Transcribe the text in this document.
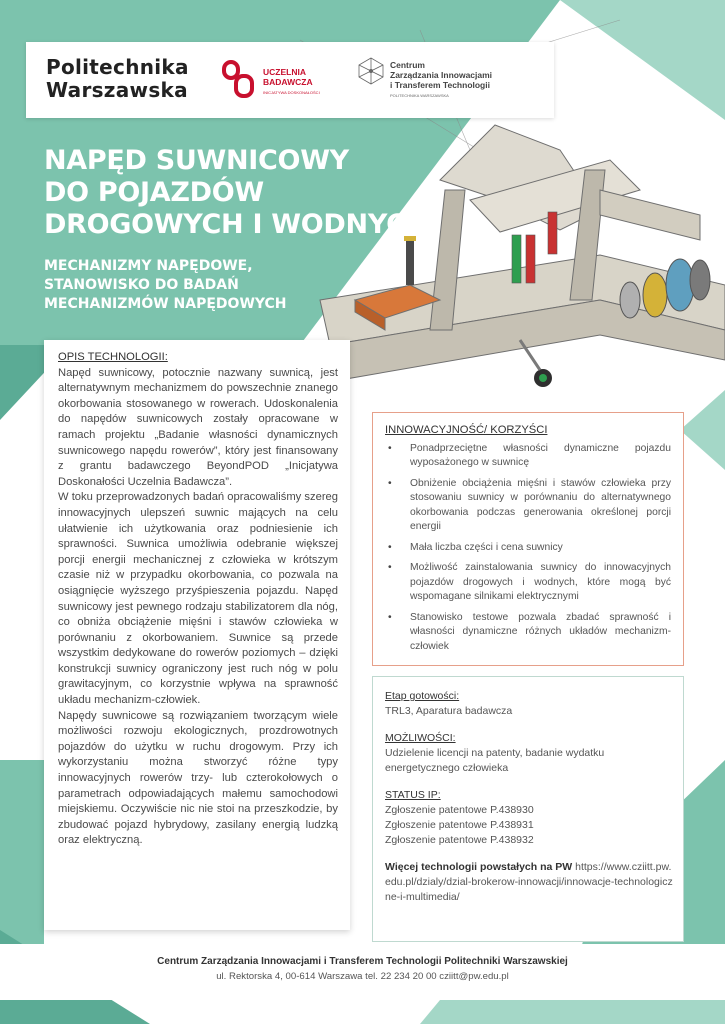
Politechnika
Warszawska
UCZELNIA
BADAWCZA
INICJATYWA DOSKONAŁOŚCI
Centrum
Zarządzania Innowacjami
i Transferem Technologii
POLITECHNIKA WARSZAWSKA
NAPĘD SUWNICOWY
DO POJAZDÓW
DROGOWYCH I WODNYCH
MECHANIZMY NAPĘDOWE,
STANOWISKO DO BADAŃ
MECHANIZMÓW NAPĘDOWYCH

OPIS TECHNOLOGII:

Napęd suwnicowy, potocznie nazwany suwnicą, jest alternatywnym mechanizmem do powszechnie znanego okorbowania stosowanego w rowerach. Udoskonalenia do napędów suwnicowych zostały opracowane w ramach projektu „Badanie własności dynamicznych suwnicowego napędu rowerów”, który jest finansowany z grantu badawczego BeyondPOD „Inicjatywa Doskonałości Uczelnia Badawcza”.

W toku przeprowadzonych badań opracowaliśmy szereg innowacyjnych ulepszeń suwnic mających na celu ułatwienie ich użytkowania oraz podniesienie ich sprawności. Suwnica umożliwia odebranie większej porcji energii mechanicznej z człowieka w krótszym czasie niż w przypadku okorbowania, co pozwala na osiągnięcie wyższego przyśpieszenia pojazdu. Napęd suwnicowy jest pewnego rodzaju stabilizatorem dla nóg, co obniża obciążenie mięśni i stawów człowieka w porównaniu z okorbowaniem. Suwnice są przede wszystkim dedykowane do rowerów poziomych – dzięki konstrukcji suwnicy ograniczony jest ruch nóg w polu grawitacyjnym, co korzystnie wpływa na sprawność układu mechanizm-człowiek.

Napędy suwnicowe są rozwiązaniem tworzącym wiele możliwości rozwoju ekologicznych, prozdrowotnych pojazdów do użytku w ruchu drogowym. Przy ich wykorzystaniu można stworzyć różne typy innowacyjnych rowerów trzy- lub czterokołowych o parametrach odpowiadających małemu samochodowi miejskiemu. Oczywiście nic nie stoi na przeszkodzie, by zbudować pojazd hybrydowy, zasilany energią ludzką oraz elektryczną.

INNOWACYJNOŚĆ/ KORZYŚCI
• Ponadprzeciętne własności dynamiczne pojazdu wyposażonego w suwnicę
• Obniżenie obciążenia mięśni i stawów człowieka przy stosowaniu suwnicy w porównaniu do alternatywnego okorbowania podczas generowania określonej porcji energii
• Mała liczba części i cena suwnicy
• Możliwość zainstalowania suwnicy do innowacyjnych pojazdów drogowych i wodnych, które mogą być wspomagane silnikami elektrycznymi
• Stanowisko testowe pozwala zbadać sprawność i własności dynamiczne różnych układów mechanizm-człowiek

Etap gotowości:

TRL3, Aparatura badawcza

MOŻLIWOŚCI:

Udzielenie licencji na patenty, badanie wydatku energetycznego człowieka

STATUS IP:

Zgłoszenie patentowe P.438930

Zgłoszenie patentowe P.438931

Zgłoszenie patentowe P.438932

Więcej technologii powstałych na PW https://www.cziitt.pw.edu.pl/dzialy/dzial-brokerow-innowacji/innowacje-technologiczne-i-multimedia/

Centrum Zarządzania Innowacjami i Transferem Technologii Politechniki Warszawskiej
ul. Rektorska 4, 00-614 Warszawa tel. 22 234 20 00 cziitt@pw.edu.pl
